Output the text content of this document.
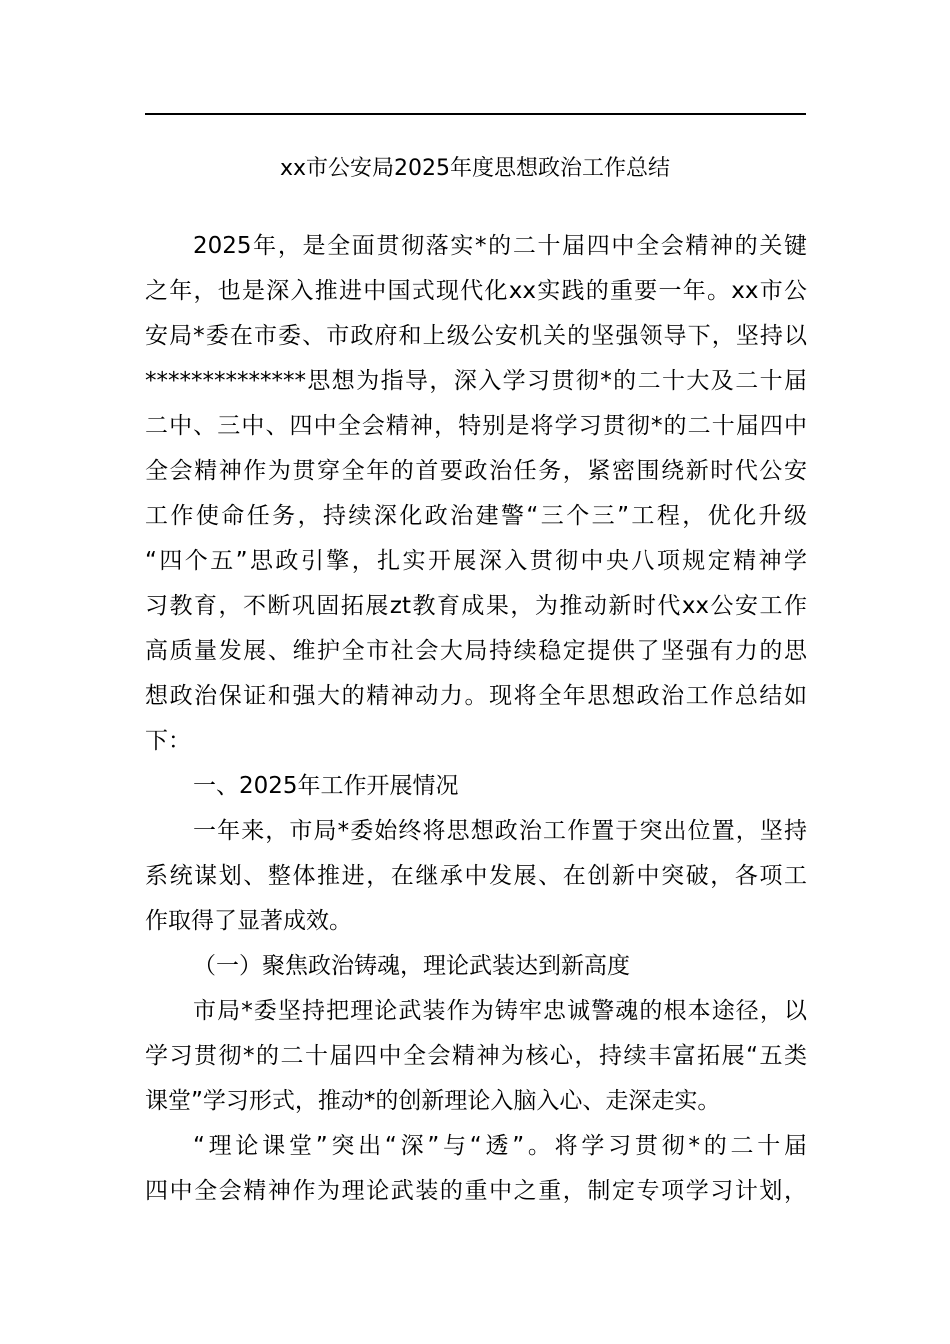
xx市公安局2025年度思想政治工作总结
2025年，是全面贯彻落实*的二十届四中全会精神的关键
之年，也是深入推进中国式现代化xx实践的重要一年。xx市公
安局*委在市委、市政府和上级公安机关的坚强领导下，坚持以
**************思想为指导，深入学习贯彻*的二十大及二十届
二中、三中、四中全会精神，特别是将学习贯彻*的二十届四中
全会精神作为贯穿全年的首要政治任务，紧密围绕新时代公安
工作使命任务，持续深化政治建警“三个三”工程，优化升级
“四个五”思政引擎，扎实开展深入贯彻中央八项规定精神学
习教育，不断巩固拓展zt教育成果，为推动新时代xx公安工作
高质量发展、维护全市社会大局持续稳定提供了坚强有力的思
想政治保证和强大的精神动力。现将全年思想政治工作总结如
下：
一、2025年工作开展情况
一年来，市局*委始终将思想政治工作置于突出位置，坚持
系统谋划、整体推进，在继承中发展、在创新中突破，各项工
作取得了显著成效。
（一）聚焦政治铸魂，理论武装达到新高度
市局*委坚持把理论武装作为铸牢忠诚警魂的根本途径，以
学习贯彻*的二十届四中全会精神为核心，持续丰富拓展“五类
课堂”学习形式，推动*的创新理论入脑入心、走深走实。
“理论课堂”突出“深”与“透”。将学习贯彻*的二十届
四中全会精神作为理论武装的重中之重，制定专项学习计划，
